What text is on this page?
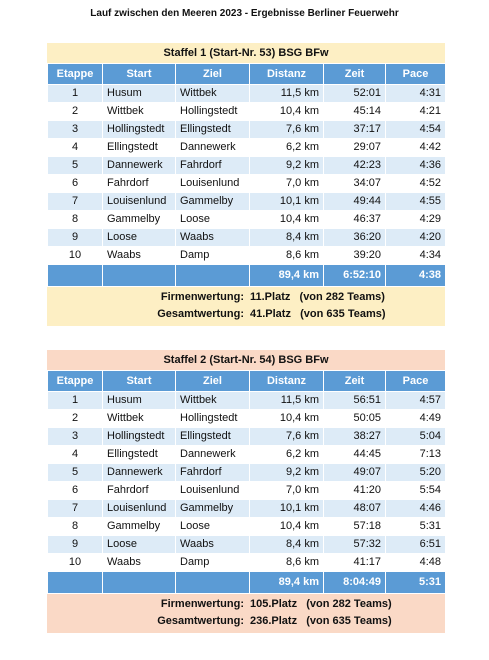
Lauf zwischen den Meeren 2023 - Ergebnisse Berliner Feuerwehr
Staffel 1 (Start-Nr. 53) BSG BFw
Etappe	Start	Ziel	Distanz	Zeit	Pace
1	Husum	Wittbek	11,5 km	52:01	4:31
2	Wittbek	Hollingstedt	10,4 km	45:14	4:21
3	Hollingstedt	Ellingstedt	7,6 km	37:17	4:54
4	Ellingstedt	Dannewerk	6,2 km	29:07	4:42
5	Dannewerk	Fahrdorf	9,2 km	42:23	4:36
6	Fahrdorf	Louisenlund	7,0 km	34:07	4:52
7	Louisenlund	Gammelby	10,1 km	49:44	4:55
8	Gammelby	Loose	10,4 km	46:37	4:29
9	Loose	Waabs	8,4 km	36:20	4:20
10	Waabs	Damp	8,6 km	39:20	4:34
			89,4 km	6:52:10	4:38
Firmenwertung: 11.Platz   (von 282 Teams)
Gesamtwertung: 41.Platz   (von 635 Teams)
Staffel 2 (Start-Nr. 54) BSG BFw
Etappe	Start	Ziel	Distanz	Zeit	Pace
1	Husum	Wittbek	11,5 km	56:51	4:57
2	Wittbek	Hollingstedt	10,4 km	50:05	4:49
3	Hollingstedt	Ellingstedt	7,6 km	38:27	5:04
4	Ellingstedt	Dannewerk	6,2 km	44:45	7:13
5	Dannewerk	Fahrdorf	9,2 km	49:07	5:20
6	Fahrdorf	Louisenlund	7,0 km	41:20	5:54
7	Louisenlund	Gammelby	10,1 km	48:07	4:46
8	Gammelby	Loose	10,4 km	57:18	5:31
9	Loose	Waabs	8,4 km	57:32	6:51
10	Waabs	Damp	8,6 km	41:17	4:48
			89,4 km	8:04:49	5:31
Firmenwertung: 105.Platz   (von 282 Teams)
Gesamtwertung: 236.Platz   (von 635 Teams)
